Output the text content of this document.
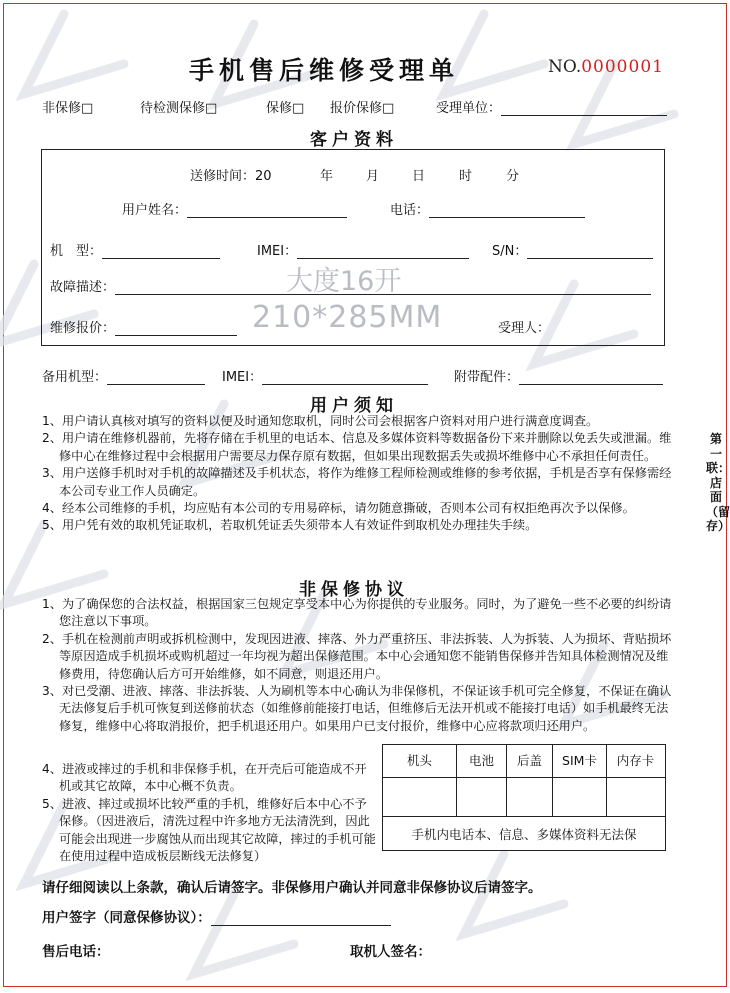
手机售后维修受理单	NO.0000001
非保修□	待检测保修□	保修□ 报价保修□	受理单位：
客户资料
送修时间：20	年	月	日	时	分
用户姓名：	电话：
机　型：	IMEI：	S/N：
故障描述：
维修报价：	受理人：
大度16开
210*285MM
备用机型：	IMEI：	附带配件：
用户须知
1、用户请认真核对填写的资料以便及时通知您取机，同时公司会根据客户资料对用户进行满意度调查。
2、用户请在维修机器前，先将存储在手机里的电话本、信息及多媒体资料等数据备份下来并删除以免丢失或泄漏。维修中心在维修过程中会根据用户需要尽力保存原有数据，但如果出现数据丢失或损坏维修中心不承担任何责任。
3、用户送修手机时对手机的故障描述及手机状态，将作为维修工程师检测或维修的参考依据，手机是否享有保修需经本公司专业工作人员确定。
4、经本公司维修的手机，均应贴有本公司的专用易碎标，请勿随意撕破，否则本公司有权拒绝再次予以保修。
5、用户凭有效的取机凭证取机，若取机凭证丢失须带本人有效证件到取机处办理挂失手续。
第一联：店面（留存）
非保修协议
1、为了确保您的合法权益，根据国家三包规定享受本中心为你提供的专业服务。同时，为了避免一些不必要的纠纷请您注意以下事项。
2、手机在检测前声明或拆机检测中，发现因进液、摔落、外力严重挤压、非法拆装、人为拆装、人为损坏、背贴损坏等原因造成手机损坏或购机超过一年均视为超出保修范围。本中心会通知您不能销售保修并告知具体检测情况及维修费用，待您确认后方可开始维修，如不同意，则退还用户。
3、对已受潮、进液、摔落、非法拆装、人为刷机等本中心确认为非保修机，不保证该手机可完全修复，不保证在确认无法修复后手机可恢复到送修前状态（如维修前能接打电话，但维修后无法开机或不能接打电话）如手机最终无法修复，维修中心将取消报价，把手机退还用户。如果用户已支付报价，维修中心应将款项归还用户。
4、进液或摔过的手机和非保修手机，在开壳后可能造成不开机或其它故障，本中心概不负责。
5、进液、摔过或损坏比较严重的手机，维修好后本中心不予保修。（因进液后，清洗过程中许多地方无法清洗到，因此可能会出现进一步腐蚀从而出现其它故障，摔过的手机可能在使用过程中造成板层断线无法修复）
机头	电池	后盖	SIM卡	内存卡
手机内电话本、信息、多媒体资料无法保
请仔细阅读以上条款，确认后请签字。非保修用户确认并同意非保修协议后请签字。
用户签字（同意保修协议）：
售后电话：	取机人签名：
